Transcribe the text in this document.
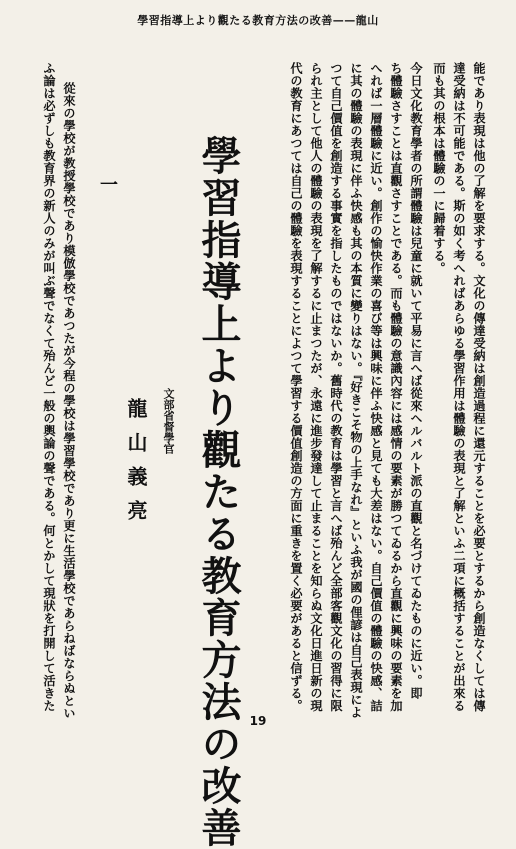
學習指導上より觀たる教育方法の改善——龍山
能であり表現は他の了解を要求する。文化の傳達受納は創造過程に還元することを必要とするから創造なくしては傳
達受納は不可能である。斯の如く考へればあらゆる學習作用は體驗の表現と了解といふ二項に概括することが出來る
而も其の根本は體驗の一に歸着する。
今日文化教育學者の所謂體驗は兒童に就いて平易に言へば從來ヘルバルト派の直觀と名づけてゐたものに近い。即
ち體驗さすことは直觀さすことである。而も體驗の意識內容には感情の要素が勝つてゐるから直觀に興味の要素を加
へれば一層體驗に近い。創作の愉快作業の喜び等は興味に伴ふ快感と見ても大差はない。自己價值の體驗の快感、詰
に其の體驗の表現に伴ふ快感も其の本質に變りはない。『好きこそ物の上手なれ』といふ我が國の俚諺は自己表現によ
つて自己價值を創造する事實を指したものではないか。舊時代の教育は學習と言へば殆んど全部客觀文化の習得に限
られ主として他人の體驗の表現を了解するに止まつたが、永遠に進步發達して止まることを知らぬ文化日進日新の現
代の教育にあつては自己の體驗を表現することによつて學習する價值創造の方面に重きを置く必要があると信ずる。
學習指導上より觀たる教育方法の改善
文部省督學官
龍山義亮
一
從來の學校が教授學校であり模倣學校であつたが今程の學校は學習學校であり更に生活學校であらねばならぬとい
ふ論は必ずしも教育界の新人のみが叫ぶ聲でなくて殆んど一般の輿論の聲である。何とかして現狀を打開して活きた
19
